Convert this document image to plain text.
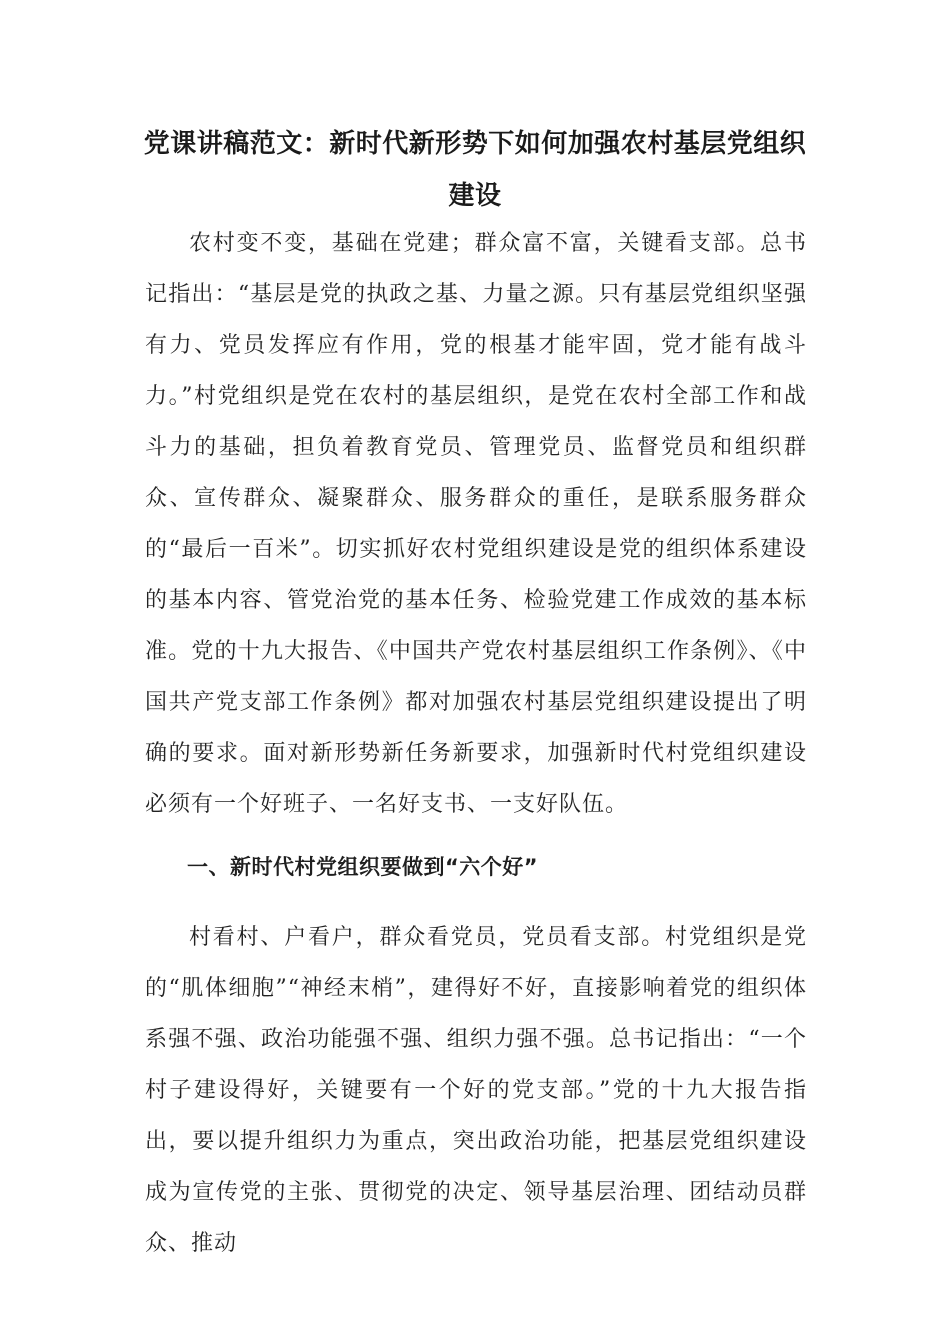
党课讲稿范文：新时代新形势下如何加强农村基层党组织建设

农村变不变，基础在党建；群众富不富，关键看支部。总书记指出：“基层是党的执政之基、力量之源。只有基层党组织坚强有力、党员发挥应有作用，党的根基才能牢固，党才能有战斗力。”村党组织是党在农村的基层组织，是党在农村全部工作和战斗力的基础，担负着教育党员、管理党员、监督党员和组织群众、宣传群众、凝聚群众、服务群众的重任，是联系服务群众的“最后一百米”。切实抓好农村党组织建设是党的组织体系建设的基本内容、管党治党的基本任务、检验党建工作成效的基本标准。党的十九大报告、《中国共产党农村基层组织工作条例》、《中国共产党支部工作条例》都对加强农村基层党组织建设提出了明确的要求。面对新形势新任务新要求，加强新时代村党组织建设必须有一个好班子、一名好支书、一支好队伍。

一、新时代村党组织要做到“六个好”

村看村、户看户，群众看党员，党员看支部。村党组织是党的“肌体细胞”“神经末梢”，建得好不好，直接影响着党的组织体系强不强、政治功能强不强、组织力强不强。总书记指出：“一个村子建设得好，关键要有一个好的党支部。”党的十九大报告指出，要以提升组织力为重点，突出政治功能，把基层党组织建设成为宣传党的主张、贯彻党的决定、领导基层治理、团结动员群众、推动
